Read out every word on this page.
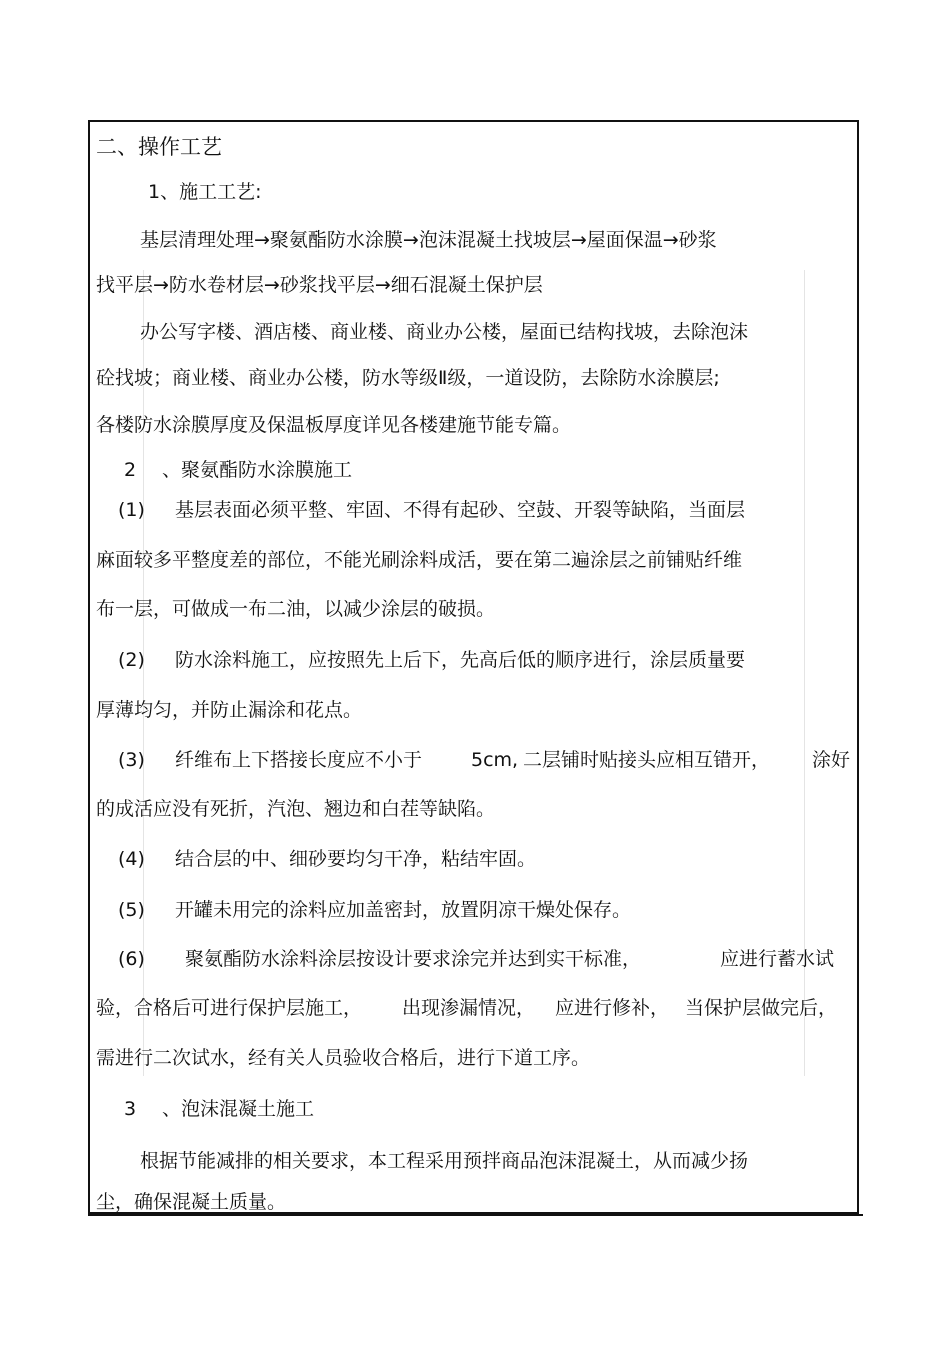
二、操作工艺
1、施工工艺:
基层清理处理→聚氨酯防水涂膜→泡沫混凝土找坡层→屋面保温→砂浆
找平层→防水卷材层→砂浆找平层→细石混凝土保护层
办公写字楼、酒店楼、商业楼、商业办公楼，屋面已结构找坡，去除泡沫
砼找坡；商业楼、商业办公楼，防水等级Ⅱ级，一道设防，去除防水涂膜层;
各楼防水涂膜厚度及保温板厚度详见各楼建施节能专篇。
2 、聚氨酯防水涂膜施工
(1) 基层表面必须平整、牢固、不得有起砂、空鼓、开裂等缺陷，当面层
麻面较多平整度差的部位，不能光刷涂料成活，要在第二遍涂层之前铺贴纤维
布一层，可做成一布二油，以减少涂层的破损。
(2) 防水涂料施工，应按照先上后下，先高后低的顺序进行，涂层质量要
厚薄均匀，并防止漏涂和花点。
(3) 纤维布上下搭接长度应不小于	5cm, 二层铺时贴接头应相互错开， 涂好
的成活应没有死折，汽泡、翘边和白茬等缺陷。
(4) 结合层的中、细砂要均匀干净，粘结牢固。
(5) 开罐未用完的涂料应加盖密封，放置阴凉干燥处保存。
(6) 聚氨酯防水涂料涂层按设计要求涂完并达到实干标准，	应进行蓄水试
验，合格后可进行保护层施工， 出现渗漏情况， 应进行修补， 当保护层做完后，
需进行二次试水，经有关人员验收合格后，进行下道工序。
3 、泡沫混凝土施工
根据节能减排的相关要求，本工程采用预拌商品泡沫混凝土，从而减少扬
尘，确保混凝土质量。
